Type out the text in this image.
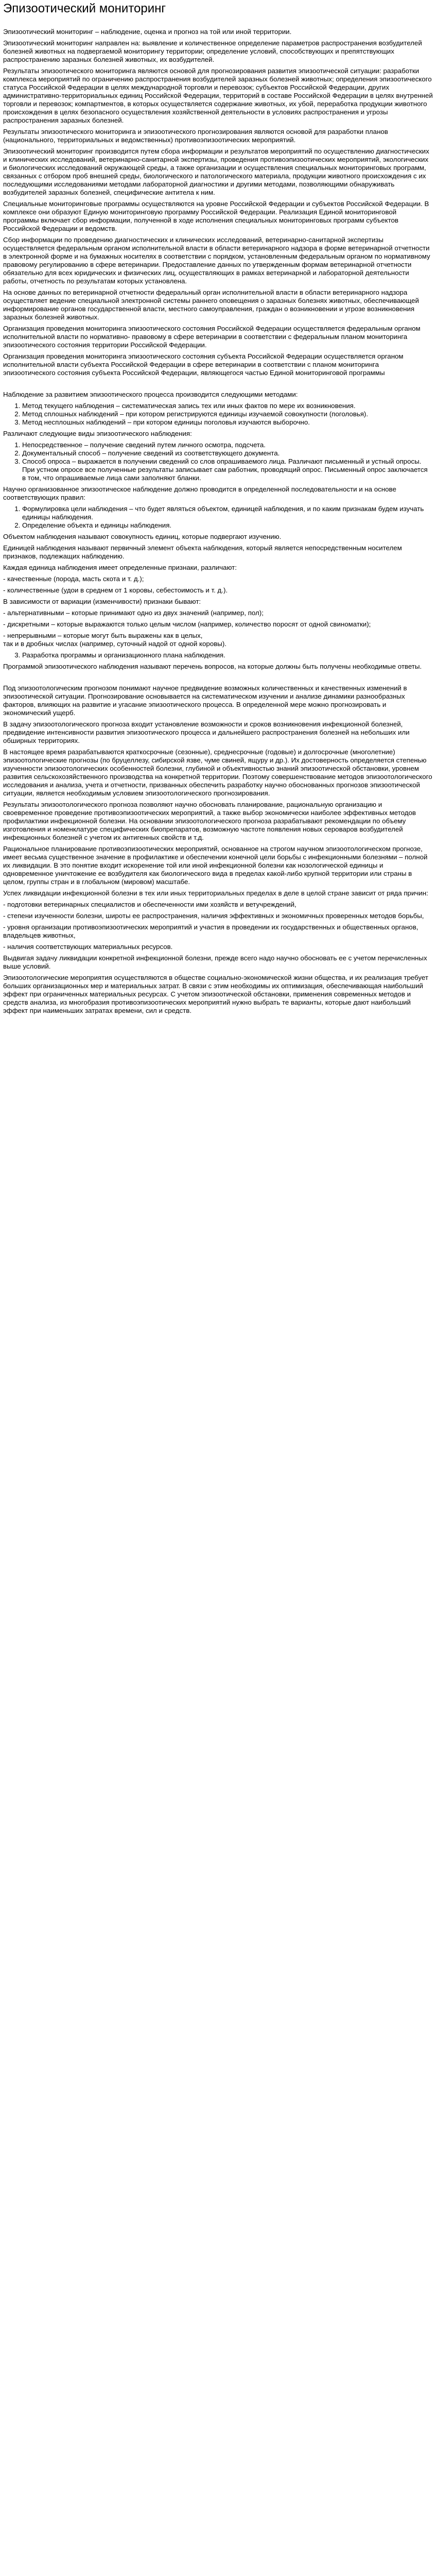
Эпизоотический мониторинг

Эпизоотический мониторинг – наблюдение, оценка и прогноз на той или иной территории.

Эпизоотический мониторинг направлен на: выявление и количественное определение параметров распространения возбудителей болезней животных на подвергаемой мониторингу территории; определение условий, способствующих и препятствующих распространению заразных болезней животных, их возбудителей.

Результаты эпизоотического мониторинга являются основой для прогнозирования развития эпизоотической ситуации: разработки комплекса мероприятий по ограничению распространения возбудителей заразных болезней животных; определения эпизоотического статуса Российской Федерации в целях международной торговли и перевозок; субъектов Российской Федерации, других административно-территориальных единиц Российской Федерации, территорий в составе Российской Федерации в целях внутренней торговли и перевозок; компартментов, в которых осуществляется содержание животных, их убой, переработка продукции животного происхождения в целях безопасного осуществления хозяйственной деятельности в условиях распространения и угрозы распространения заразных болезней.

Результаты эпизоотического мониторинга и эпизоотического прогнозирования являются основой для разработки планов (национального, территориальных и ведомственных) противоэпизоотических мероприятий.

Эпизоотический мониторинг производится путем сбора информации и результатов мероприятий по осуществлению диагностических и клинических исследований, ветеринарно-санитарной экспертизы, проведения противоэпизоотических мероприятий, экологических и биологических исследований окружающей среды, а также организации и осуществления специальных мониторинговых программ, связанных с отбором проб внешней среды, биологического и патологического материала, продукции животного происхождения с их последующими исследованиями методами лабораторной диагностики и другими методами, позволяющими обнаруживать возбудителей заразных болезней, специфические антитела к ним.

Специальные мониторинговые программы осуществляются на уровне Российской Федерации и субъектов Российской Федерации. В комплексе они образуют Единую мониторинговую программу Российской Федерации. Реализация Единой мониторинговой программы включает сбор информации, полученной в ходе исполнения специальных мониторинговых программ субъектов Российской Федерации и ведомств.

Сбор информации по проведению диагностических и клинических исследований, ветеринарно-санитарной экспертизы осуществляется федеральным органом исполнительной власти в области ветеринарного надзора в форме ветеринарной отчетности в электронной форме и на бумажных носителях в соответствии с порядком, установленным федеральным органом по нормативному правовому регулированию в сфере ветеринарии. Предоставление данных по утвержденным формам ветеринарной отчетности обязательно для всех юридических и физических лиц, осуществляющих в рамках ветеринарной и лабораторной деятельности работы, отчетность по результатам которых установлена.

На основе данных по ветеринарной отчетности федеральный орган исполнительной власти в области ветеринарного надзора осуществляет ведение специальной электронной системы раннего оповещения о заразных болезнях животных, обеспечивающей информирование органов государственной власти, местного самоуправления, граждан о возникновении и угрозе возникновения заразных болезней животных.

Организация проведения мониторинга эпизоотического состояния Российской Федерации осуществляется федеральным органом исполнительной власти по нормативно- правовому в сфере ветеринарии в соответствии с федеральным планом мониторинга эпизоотического состояния территории Российской Федерации.

Организация проведения мониторинга эпизоотического состояния субъекта Российской Федерации осуществляется органом исполнительной власти субъекта Российской Федерации в сфере ветеринарии в соответствии с планом мониторинга эпизоотического состояния субъекта Российской Федерации, являющегося частью Единой мониторинговой программы

Наблюдение за развитием эпизоотического процесса производится следующими методами:

1. Метод текущего наблюдения – систематическая запись тех или иных фактов по мере их возникновения.
2. Метод сплошных наблюдений – при котором регистрируются единицы изучаемой совокупности (поголовья).
3. Метод несплошных наблюдений – при котором единицы поголовья изучаются выборочно.

Различают следующие виды эпизоотического наблюдения:

1. Непосредственное – получение сведений путем личного осмотра, подсчета.
2. Документальный способ – получение сведений из соответствующего документа.
3. Способ опроса – выражается в получении сведений со слов опрашиваемого лица. Различают письменный и устный опросы. При устном опросе все полученные результаты записывает сам работник, проводящий опрос. Письменный опрос заключается в том, что опрашиваемые лица сами заполняют бланки.

Научно организованное эпизоотическое наблюдение должно проводится в определенной последовательности и на основе соответствующих правил:

1. Формулировка цели наблюдения – что будет являться объектом, единицей наблюдения, и по каким признакам будем изучать единицы наблюдения.
2. Определение объекта и единицы наблюдения.

Объектом наблюдения называют совокупность единиц, которые подвергают изучению.

Единицей наблюдения называют первичный элемент объекта наблюдения, который является непосредственным носителем признаков, подлежащих наблюдению.

Каждая единица наблюдения имеет определенные признаки, различают:

- качественные (порода, масть скота и т. д.);

- количественные (удои в среднем от 1 коровы, себестоимость и т. д.).

В зависимости от вариации (изменчивости) признаки бывают:

- альтернативными – которые принимают одно из двух значений (например, пол);

- дискретными – которые выражаются только целым числом (например, количество поросят от одной свиноматки);

- непрерывными – которые могут быть выражены как в целых,
так и в дробных числах (например, суточный надой от одной коровы).

3. Разработка программы и организационного плана наблюдения.

Программой эпизоотического наблюдения называют перечень вопросов, на которые должны быть получены необходимые ответы.

Под эпизоотологическим прогнозом понимают научное предвидение возможных количественных и качественных изменений в эпизоотической ситуации. Прогнозирование основывается на систематическом изучении и анализе динамики разнообразных факторов, влияющих на развитие и угасание эпизоотического процесса. В определенной мере можно прогнозировать и экономический ущерб.

В задачу эпизоотологического прогноза входит установление возможности и сроков возникновения инфекционной болезней, предвидение интенсивности развития эпизоотического процесса и дальнейшего распространения болезней на небольших или обширных территориях.

В настоящее время разрабатываются краткосрочные (сезонные), среднесрочные (годовые) и долгосрочные (многолетние) эпизоотологические прогнозы (по бруцеллезу, сибирской язве, чуме свиней, ящуру и др.). Их достоверность определяется степенью изученности эпизоотологических особенностей болезни, глубиной и объективностью знаний эпизоотической обстановки, уровнем развития сельскохозяйственного производства на конкретной территории. Поэтому совершенствование методов эпизоотологического исследования и анализа, учета и отчетности, призванных обеспечить разработку научно обоснованных прогнозов эпизоотической ситуации, является необходимым условием эпизоотологического прогнозирования.

Результаты эпизоотологического прогноза позволяют научно обосновать планирование, рациональную организацию и своевременное проведение противоэпизоотических мероприятий, а также выбор экономически наиболее эффективных методов профилактики инфекционной болезни. На основании эпизоотологического прогноза разрабатывают рекомендации по объему изготовления и номенклатуре специфических биопрепаратов, возможную частоте появления новых сероваров возбудителей инфекционных болезней с учетом их антигенных свойств и т.д.

Рациональное планирование противоэпизоотических мероприятий, основанное на строгом научном эпизоотологическом прогнозе, имеет весьма существенное значение в профилактике и обеспечении конечной цели борьбы с инфекционными болезнями – полной их ликвидации. В это понятие входит искоренение той или иной инфекционной болезни как нозологической единицы и одновременное уничтожение ее возбудителя как биологического вида в пределах какой-либо крупной территории или страны в целом, группы стран и в глобальном (мировом) масштабе.

Успех ликвидации инфекционной болезни в тех или иных территориальных пределах в деле в целой стране зависит от ряда причин:

- подготовки ветеринарных специалистов и обеспеченности ими хозяйств и ветучреждений,

- степени изученности болезни, широты ее распространения, наличия эффективных и экономичных проверенных методов борьбы,

- уровня организации противоэпизоотических мероприятий и участия в проведении их государственных и общественных органов, владельцев животных,

- наличия соответствующих материальных ресурсов.

Выдвигая задачу ликвидации конкретной инфекционной болезни, прежде всего надо научно обосновать ее с учетом перечисленных выше условий.

Эпизоотологические мероприятия осуществляются в обществе социально-экономической жизни общества, и их реализация требует больших организационных мер и материальных затрат. В связи с этим необходимы их оптимизация, обеспечивающая наибольший эффект при ограниченных материальных ресурсах. С учетом эпизоотической обстановки, применения современных методов и средств анализа, из многобразия противоэпизоотических мероприятий нужно выбрать те варианты, которые дают наибольший эффект при наименьших затратах времени, сил и средств.
